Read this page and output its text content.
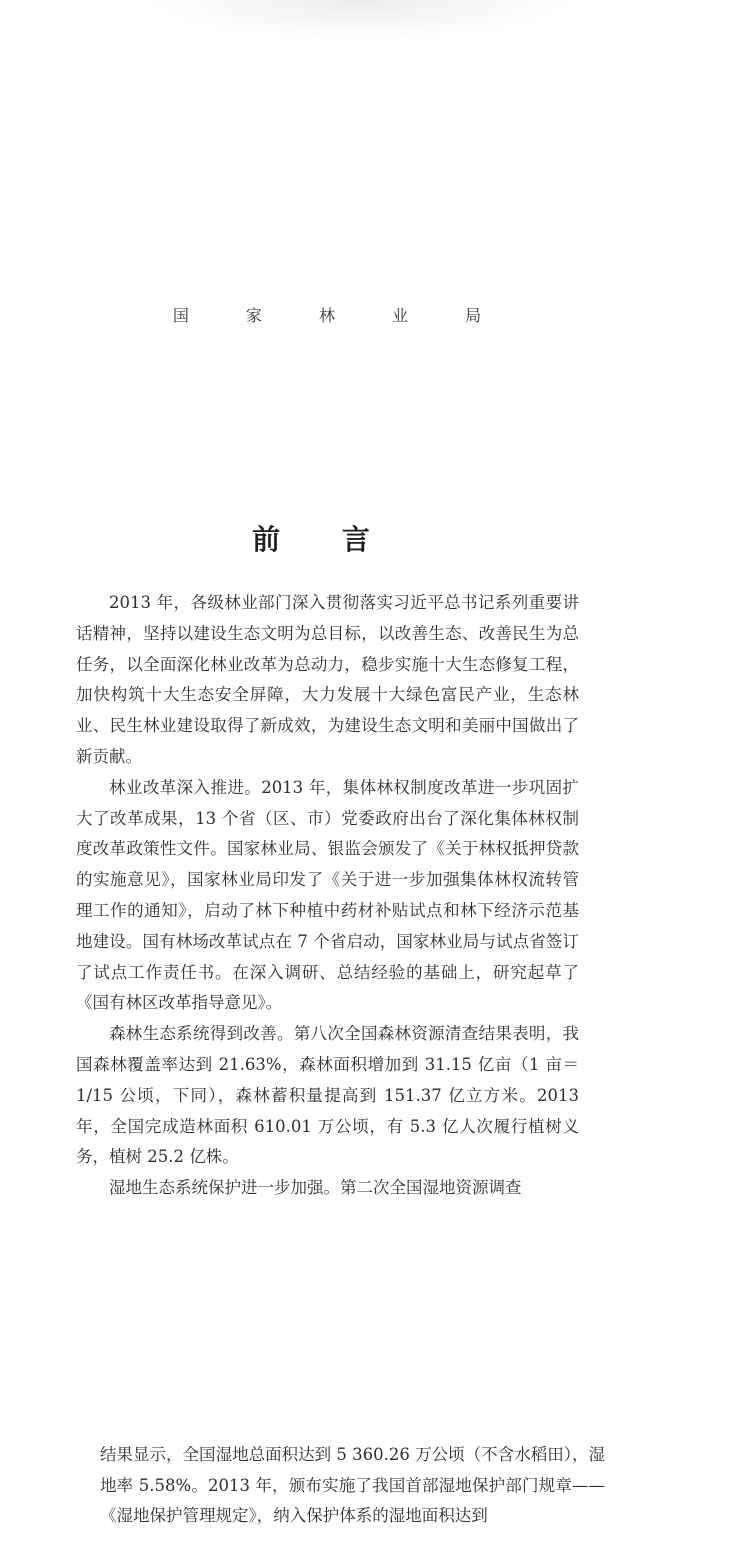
国 家 林 业 局
前 言

2013 年，各级林业部门深入贯彻落实习近平总书记系列重要讲话精神，坚持以建设生态文明为总目标，以改善生态、改善民生为总任务，以全面深化林业改革为总动力，稳步实施十大生态修复工程，加快构筑十大生态安全屏障，大力发展十大绿色富民产业，生态林业、民生林业建设取得了新成效，为建设生态文明和美丽中国做出了新贡献。

林业改革深入推进。2013 年，集体林权制度改革进一步巩固扩大了改革成果，13 个省（区、市）党委政府出台了深化集体林权制度改革政策性文件。国家林业局、银监会颁发了《关于林权抵押贷款的实施意见》，国家林业局印发了《关于进一步加强集体林权流转管理工作的通知》，启动了林下种植中药材补贴试点和林下经济示范基地建设。国有林场改革试点在 7 个省启动，国家林业局与试点省签订了试点工作责任书。在深入调研、总结经验的基础上，研究起草了《国有林区改革指导意见》。

森林生态系统得到改善。第八次全国森林资源清查结果表明，我国森林覆盖率达到 21.63%，森林面积增加到 31.15 亿亩（1 亩＝ 1/15 公顷，下同），森林蓄积量提高到 151.37 亿立方米。2013 年，全国完成造林面积 610.01 万公顷，有 5.3 亿人次履行植树义务，植树 25.2 亿株。

湿地生态系统保护进一步加强。第二次全国湿地资源调查

结果显示，全国湿地总面积达到 5 360.26 万公顷（不含水稻田），湿地率 5.58%。2013 年，颁布实施了我国首部湿地保护部门规章——《湿地保护管理规定》，纳入保护体系的湿地面积达到
